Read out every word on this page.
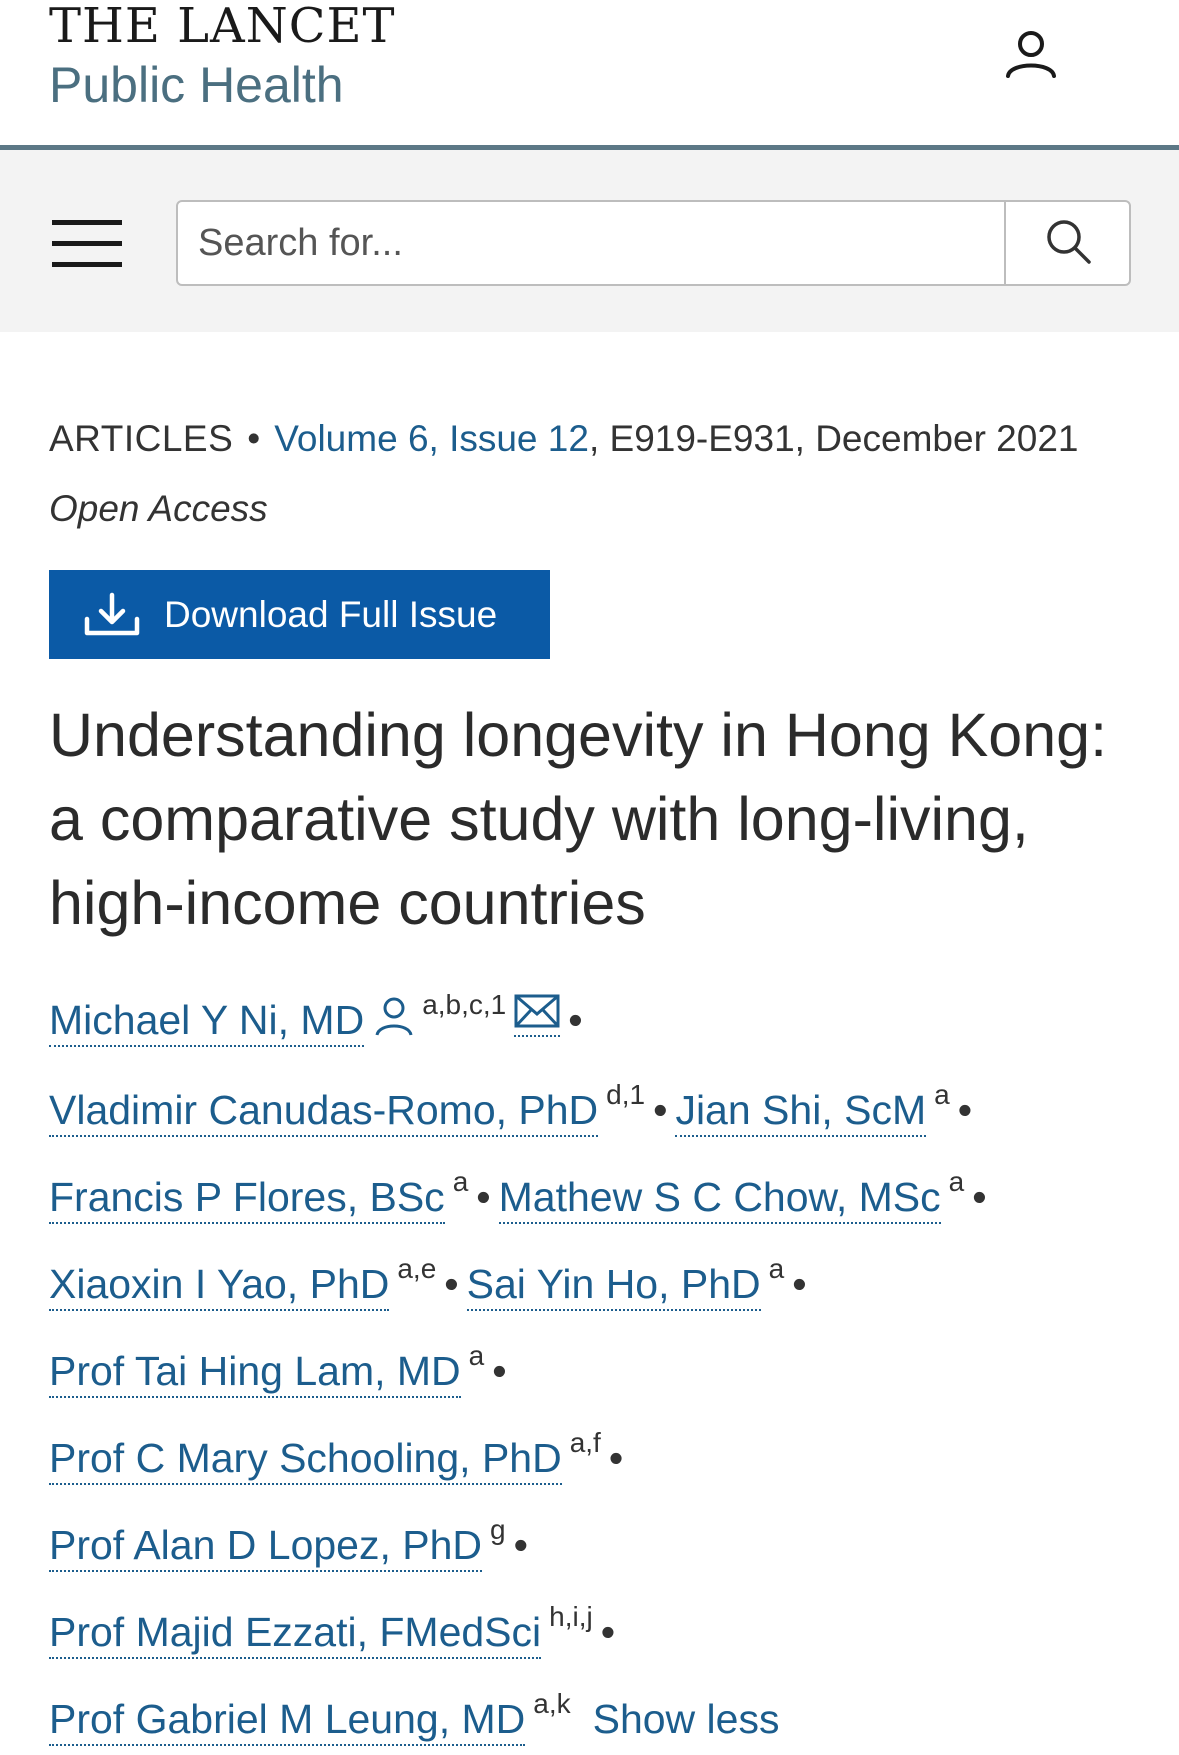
THE LANCET
Public Health
Search for...
ARTICLES • Volume 6, Issue 12, E919-E931, December 2021
Open Access
Download Full Issue
Understanding longevity in Hong Kong: a comparative study with long-living, high-income countries
Michael Y Ni, MD $^{a,b,c,1}$ •
Vladimir Canudas-Romo, PhD $^{d,1}$ • Jian Shi, ScM $^a$ •
Francis P Flores, BSc $^a$ • Mathew S C Chow, MSc $^a$ •
Xiaoxin I Yao, PhD $^{a,e}$ • Sai Yin Ho, PhD $^a$ •
Prof Tai Hing Lam, MD $^a$ •
Prof C Mary Schooling, PhD $^{a,f}$ •
Prof Alan D Lopez, PhD $^g$ •
Prof Majid Ezzati, FMedSci $^{h,i,j}$ •
Prof Gabriel M Leung, MD $^{a,k}$ Show less
